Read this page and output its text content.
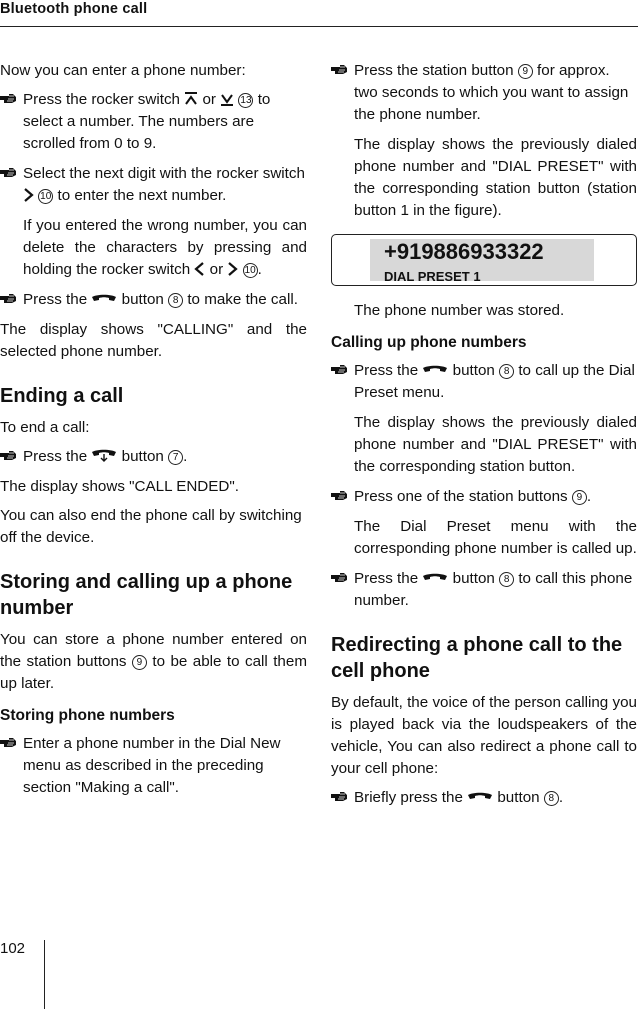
Bluetooth phone call

Now you can enter a phone number:

Press the rocker switch or 13 to select a number. The numbers are scrolled from 0 to 9.
Select the next digit with the rocker switch  10 to enter the next number.
If you entered the wrong number, you can delete the characters by pressing and holding the rocker switch or 10 .
Press the button 8 to make the call.

The display shows "CALLING" and the selected phone number.

Ending a call

To end a call:

Press the button 7 .

The display shows "CALL ENDED".

You can also end the phone call by switching off the device.

Storing and calling up a phone number

You can store a phone number entered on the station buttons 9 to be able to call them up later.

Storing phone numbers
Enter a phone number in the Dial New menu as described in the preceding section "Making a call".
Press the station button 9 for approx. two seconds to which you want to assign the phone number.
The display shows the previously dialed phone number and "DIAL PRESET" with the corresponding station button (station button 1 in the figure).
+919886933322
DIAL PRESET 1
The phone number was stored.
Calling up phone numbers
Press the button 8 to call up the Dial Preset menu.
The display shows the previously dialed phone number and "DIAL PRESET" with the corresponding station button.
Press one of the station buttons 9 .
The Dial Preset menu with the corresponding phone number is called up.
Press the button 8 to call this phone number.
Redirecting a phone call to the cell phone

By default, the voice of the person calling you is played back via the loudspeakers of the vehicle, You can also redirect a phone call to your cell phone:

Briefly press the button 8 .
102
